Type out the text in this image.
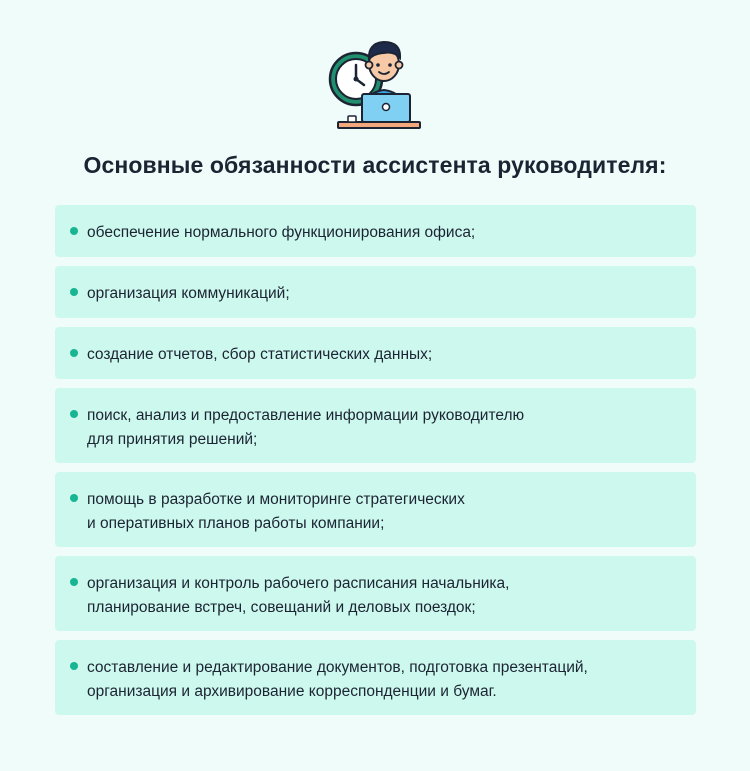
Основные обязанности ассистента руководителя:
обеспечение нормального функционирования офиса;
организация коммуникаций;
создание отчетов, сбор статистических данных;
поиск, анализ и предоставление информации руководителю
для принятия решений;
помощь в разработке и мониторинге стратегических
и оперативных планов работы компании;
организация и контроль рабочего расписания начальника,
планирование встреч, совещаний и деловых поездок;
составление и редактирование документов, подготовка презентаций,
организация и архивирование корреспонденции и бумаг.
